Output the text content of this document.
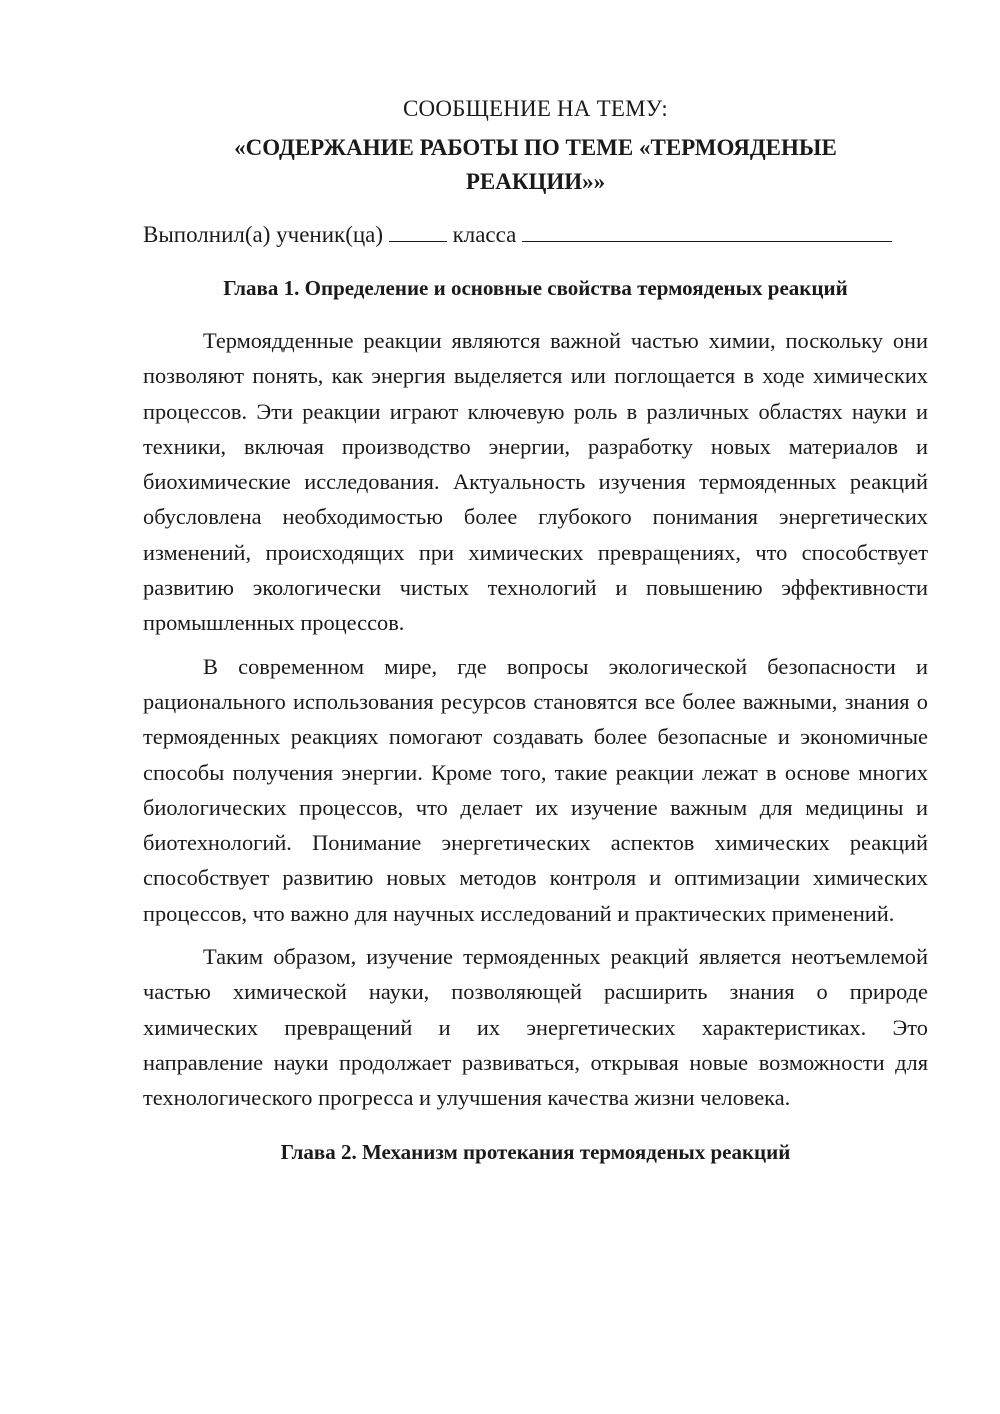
СООБЩЕНИЕ НА ТЕМУ:
«СОДЕРЖАНИЕ РАБОТЫ ПО ТЕМЕ «ТЕРМОЯДЕНЫЕ РЕАКЦИИ»»
Выполнил(а) ученик(ца)	класса
Глава 1. Определение и основные свойства термояденых реакций

Термоядденные реакции являются важной частью химии, поскольку они позволяют понять, как энергия выделяется или поглощается в ходе химических процессов. Эти реакции играют ключевую роль в различных областях науки и техники, включая производство энергии, разработку новых материалов и биохимические исследования. Актуальность изучения термояденных реакций обусловлена необходимостью более глубокого понимания энергетических изменений, происходящих при химических превращениях, что способствует развитию экологически чистых технологий и повышению эффективности промышленных процессов.

В современном мире, где вопросы экологической безопасности и рационального использования ресурсов становятся все более важными, знания о термояденных реакциях помогают создавать более безопасные и экономичные способы получения энергии. Кроме того, такие реакции лежат в основе многих биологических процессов, что делает их изучение важным для медицины и биотехнологий. Понимание энергетических аспектов химических реакций способствует развитию новых методов контроля и оптимизации химических процессов, что важно для научных исследований и практических применений.

Таким образом, изучение термояденных реакций является неотъемлемой частью химической науки, позволяющей расширить знания о природе химических превращений и их энергетических характеристиках. Это направление науки продолжает развиваться, открывая новые возможности для технологического прогресса и улучшения качества жизни человека.

Глава 2. Механизм протекания термояденых реакций
